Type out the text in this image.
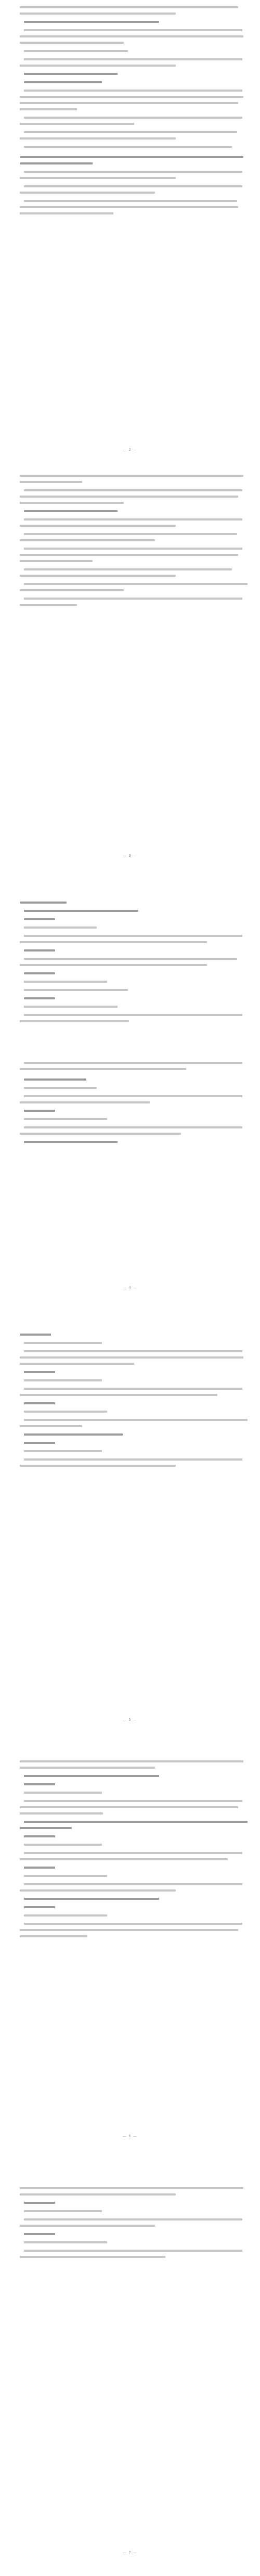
— 2 —
— 3 —
— 4 —
— 5 —
— 6 —
— 7 —
